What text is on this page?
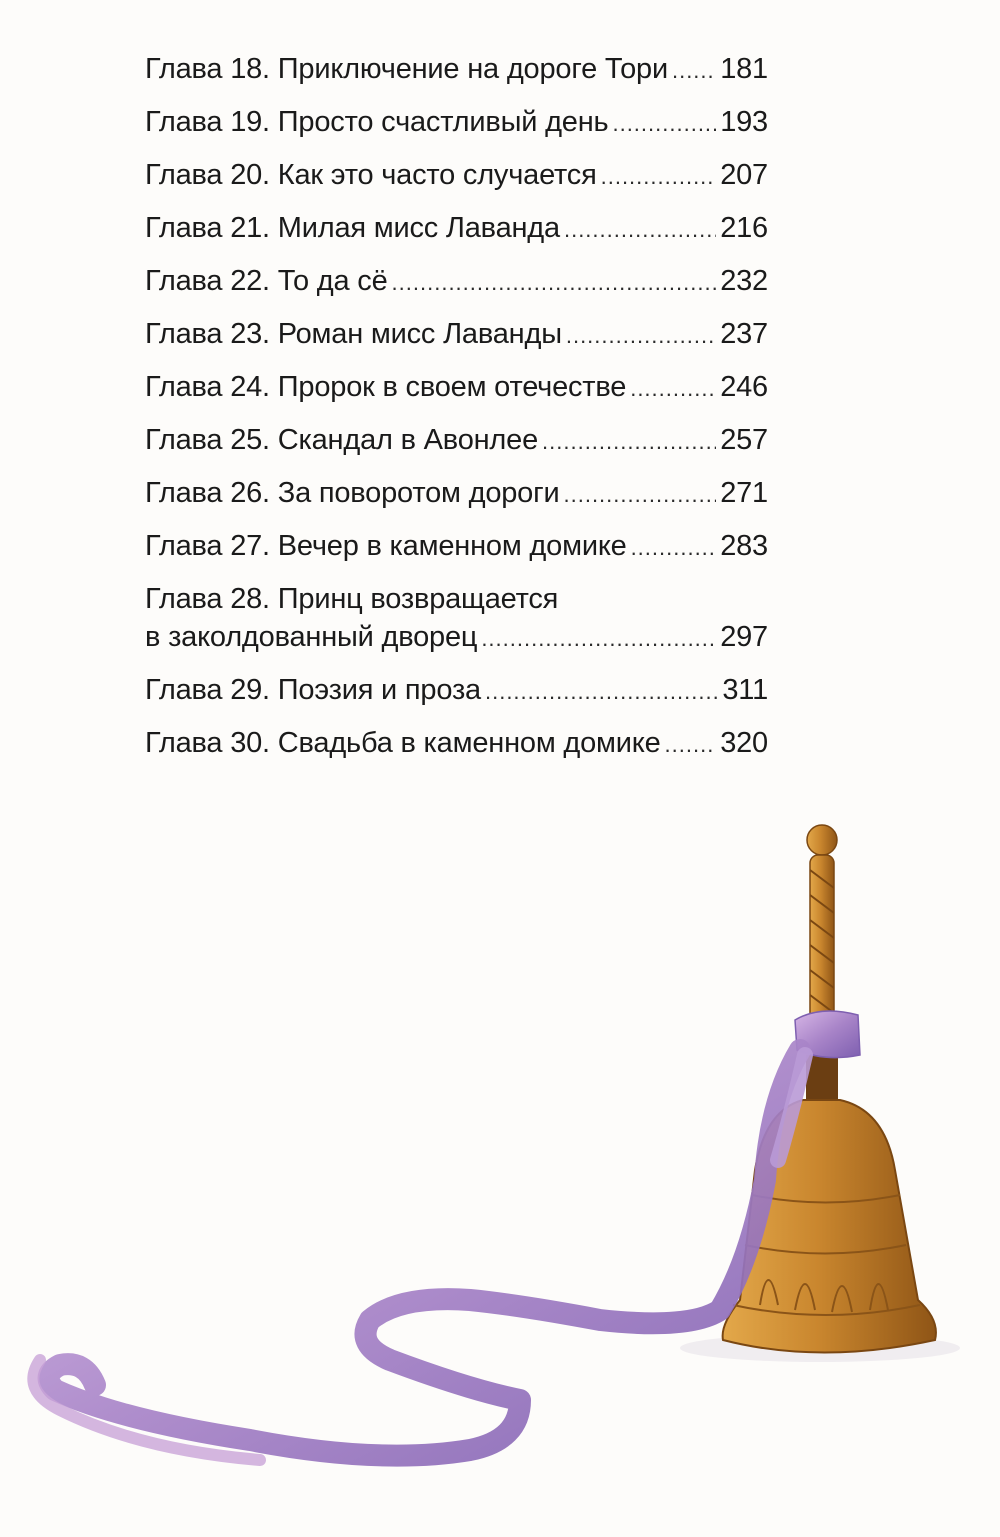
Глава 18. Приключение на дороге Тори ..... 181
Глава 19. Просто счастливый день .....	193
Глава 20. Как это часто случается .....	207
Глава 21. Милая мисс Лаванда .....	216
Глава 22. То да сё .....	232
Глава 23. Роман мисс Лаванды .....	237
Глава 24. Пророк в своем отечестве .....	246
Глава 25. Скандал в Авонлее .....	257
Глава 26. За поворотом дороги .....	271
Глава 27. Вечер в каменном домике .....	283
Глава 28. Принц возвращается
в заколдованный дворец .....	297
Глава 29. Поэзия и проза .....	311
Глава 30. Свадьба в каменном домике ..... 320
